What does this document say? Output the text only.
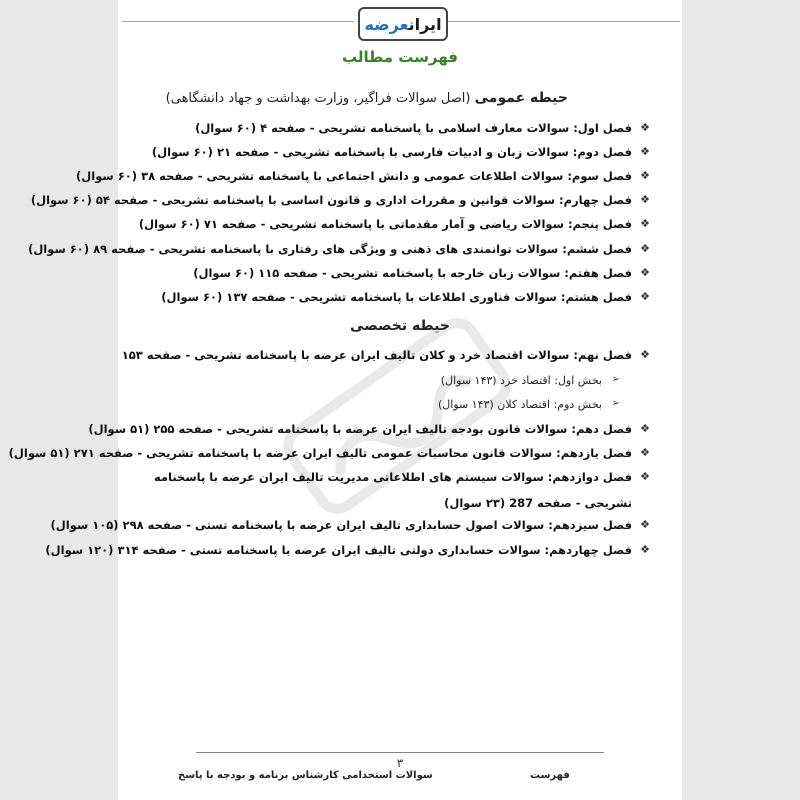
ایرانعرضه
فهرست مطالب
حیطه عمومی (اصل سوالات فراگیر، وزارت بهداشت و جهاد دانشگاهی)
❖
فصل اول: سوالات معارف اسلامی با پاسخنامه تشریحی - صفحه ۴ (۶۰ سوال)
❖
فصل دوم: سوالات زبان و ادبیات فارسی با پاسخنامه تشریحی - صفحه ۲۱ (۶۰ سوال)
❖
فصل سوم: سوالات اطلاعات عمومی و دانش اجتماعی با پاسخنامه تشریحی - صفحه ۳۸ (۶۰ سوال)
❖
فصل چهارم: سوالات قوانین و مقررات اداری و قانون اساسی با پاسخنامه تشریحی - صفحه ۵۴ (۶۰ سوال)
❖
فصل پنجم: سوالات ریاضی و آمار مقدماتی با پاسخنامه تشریحی - صفحه ۷۱ (۶۰ سوال)
❖
فصل ششم: سوالات توانمندی های ذهنی و ویژگی های رفتاری با پاسخنامه تشریحی - صفحه ۸۹ (۶۰ سوال)
❖
فصل هفتم: سوالات زبان خارجه با پاسخنامه تشریحی - صفحه ۱۱۵ (۶۰ سوال)
❖
فصل هشتم: سوالات فناوری اطلاعات با پاسخنامه تشریحی - صفحه ۱۳۷ (۶۰ سوال)
حیطه تخصصی
❖
فصل نهم: سوالات اقتصاد خرد و کلان تالیف ایران عرضه با پاسخنامه تشریحی - صفحه ۱۵۳
➢
بخش اول: اقتصاد خرد (۱۴۳ سوال)
➢
بخش دوم: اقتصاد کلان (۱۴۳ سوال)
❖
فصل دهم: سوالات قانون بودجه تالیف ایران عرضه با پاسخنامه تشریحی - صفحه ۲۵۵ (۵۱ سوال)
❖
فصل یازدهم: سوالات قانون محاسبات عمومی تالیف ایران عرضه با پاسخنامه تشریحی - صفحه ۲۷۱ (۵۱ سوال)
❖
فصل دوازدهم: سوالات سیستم های اطلاعاتی مدیریت تالیف ایران عرضه با پاسخنامه تشریحی - صفحه 287 (۲۳ سوال)
❖
فصل سیزدهم: سوالات اصول حسابداری تالیف ایران عرضه با پاسخنامه تستی - صفحه ۲۹۸ (۱۰۵ سوال)
❖
فصل چهاردهم: سوالات حسابداری دولتی تالیف ایران عرضه با پاسخنامه تستی - صفحه ۳۱۴ (۱۲۰ سوال)
۳
سوالات استخدامی کارشناس برنامه و بودجه با پاسخ	فهرست
